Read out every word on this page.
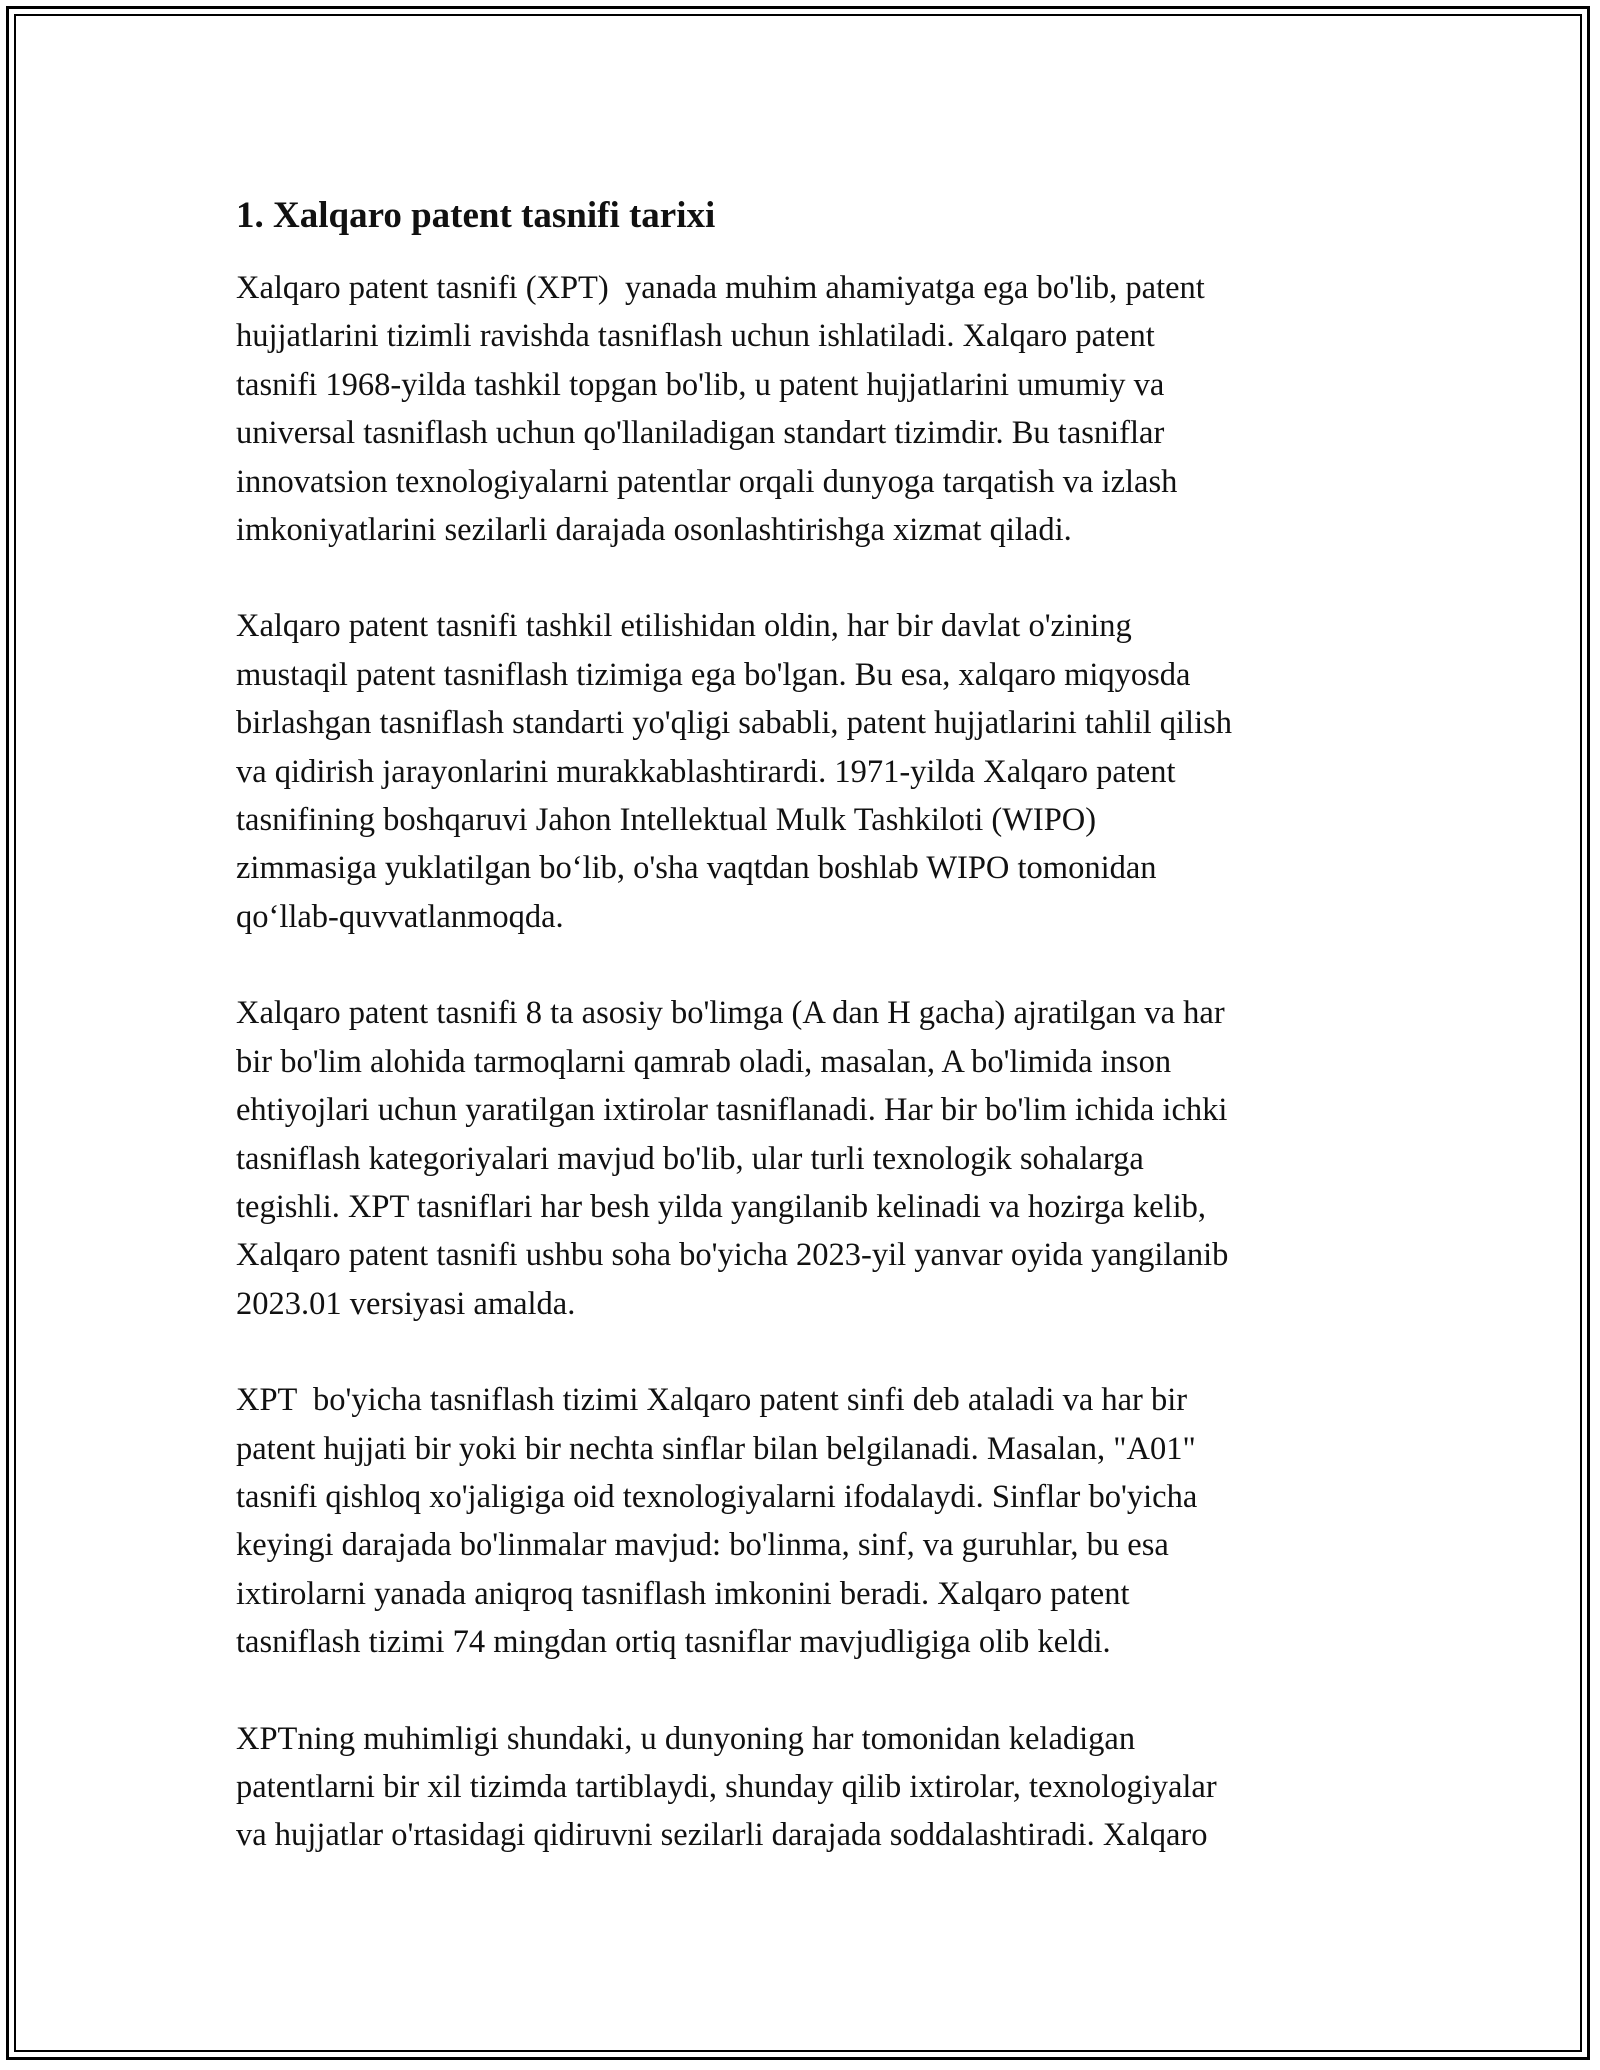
1. Xalqaro patent tasnifi tarixi

Xalqaro patent tasnifi (XPT)  yanada muhim ahamiyatga ega bo'lib, patent
hujjatlarini tizimli ravishda tasniflash uchun ishlatiladi. Xalqaro patent
tasnifi 1968-yilda tashkil topgan bo'lib, u patent hujjatlarini umumiy va
universal tasniflash uchun qo'llaniladigan standart tizimdir. Bu tasniflar
innovatsion texnologiyalarni patentlar orqali dunyoga tarqatish va izlash
imkoniyatlarini sezilarli darajada osonlashtirishga xizmat qiladi.

Xalqaro patent tasnifi tashkil etilishidan oldin, har bir davlat o'zining
mustaqil patent tasniflash tizimiga ega bo'lgan. Bu esa, xalqaro miqyosda
birlashgan tasniflash standarti yo'qligi sababli, patent hujjatlarini tahlil qilish
va qidirish jarayonlarini murakkablashtirardi. 1971-yilda Xalqaro patent
tasnifining boshqaruvi Jahon Intellektual Mulk Tashkiloti (WIPO)
zimmasiga yuklatilgan bo‘lib, o'sha vaqtdan boshlab WIPO tomonidan
qo‘llab-quvvatlanmoqda.

Xalqaro patent tasnifi 8 ta asosiy bo'limga (A dan H gacha) ajratilgan va har
bir bo'lim alohida tarmoqlarni qamrab oladi, masalan, A bo'limida inson
ehtiyojlari uchun yaratilgan ixtirolar tasniflanadi. Har bir bo'lim ichida ichki
tasniflash kategoriyalari mavjud bo'lib, ular turli texnologik sohalarga
tegishli. XPT tasniflari har besh yilda yangilanib kelinadi va hozirga kelib,
Xalqaro patent tasnifi ushbu soha bo'yicha 2023-yil yanvar oyida yangilanib
2023.01 versiyasi amalda.

XPT  bo'yicha tasniflash tizimi Xalqaro patent sinfi deb ataladi va har bir
patent hujjati bir yoki bir nechta sinflar bilan belgilanadi. Masalan, "A01"
tasnifi qishloq xo'jaligiga oid texnologiyalarni ifodalaydi. Sinflar bo'yicha
keyingi darajada bo'linmalar mavjud: bo'linma, sinf, va guruhlar, bu esa
ixtirolarni yanada aniqroq tasniflash imkonini beradi. Xalqaro patent
tasniflash tizimi 74 mingdan ortiq tasniflar mavjudligiga olib keldi.

XPTning muhimligi shundaki, u dunyoning har tomonidan keladigan
patentlarni bir xil tizimda tartiblaydi, shunday qilib ixtirolar, texnologiyalar
va hujjatlar o'rtasidagi qidiruvni sezilarli darajada soddalashtiradi. Xalqaro
